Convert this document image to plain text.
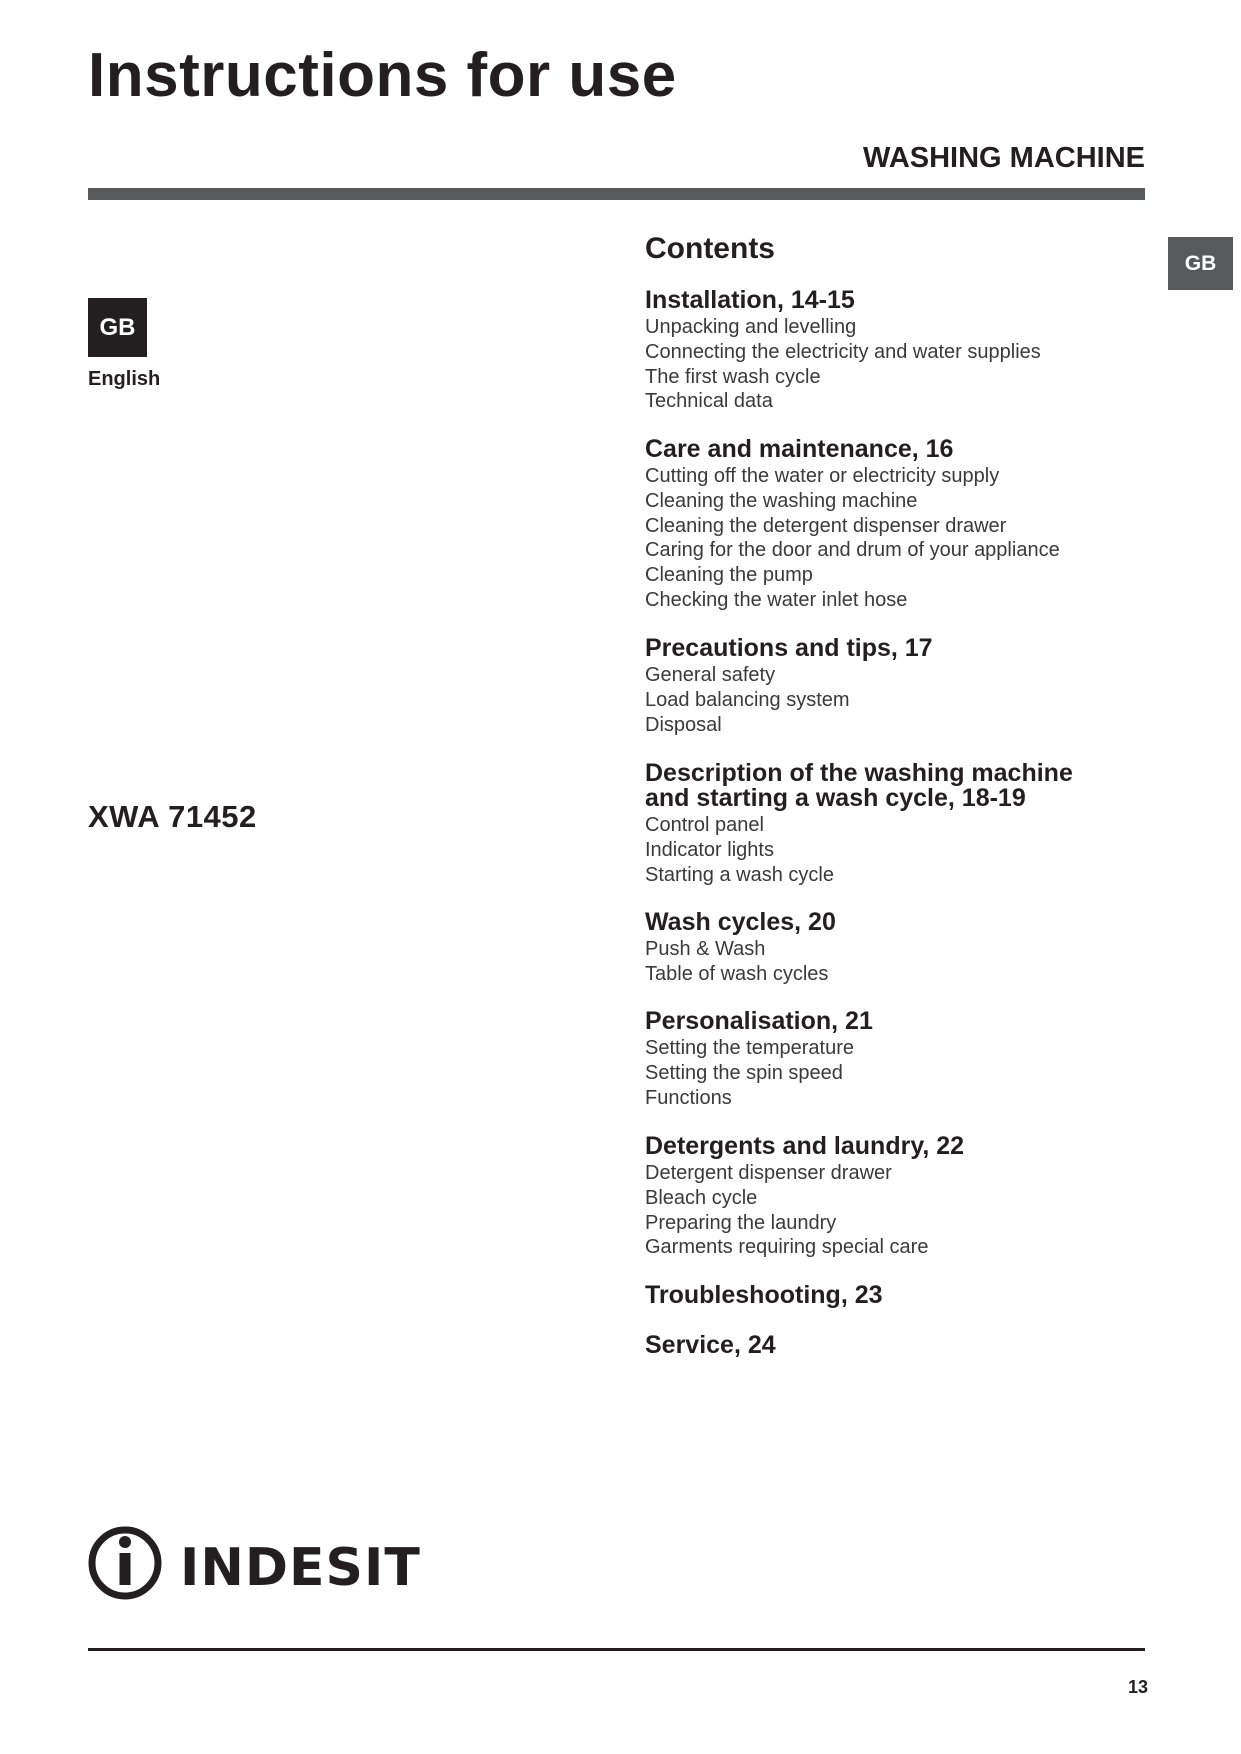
Instructions for use
WASHING MACHINE
GB
GB
English
XWA 71452
Contents
Installation, 14-15
Unpacking and levelling
Connecting the electricity and water supplies
The first wash cycle
Technical data
Care and maintenance, 16
Cutting off the water or electricity supply
Cleaning the washing machine
Cleaning the detergent dispenser drawer
Caring for the door and drum of your appliance
Cleaning the pump
Checking the water inlet hose
Precautions and tips, 17
General safety
Load balancing system
Disposal
Description of the washing machine
and starting a wash cycle, 18-19
Control panel
Indicator lights
Starting a wash cycle
Wash cycles, 20
Push & Wash
Table of wash cycles
Personalisation, 21
Setting the temperature
Setting the spin speed
Functions
Detergents and laundry, 22
Detergent dispenser drawer
Bleach cycle
Preparing the laundry
Garments requiring special care
Troubleshooting, 23
Service, 24
INDESIT
13
